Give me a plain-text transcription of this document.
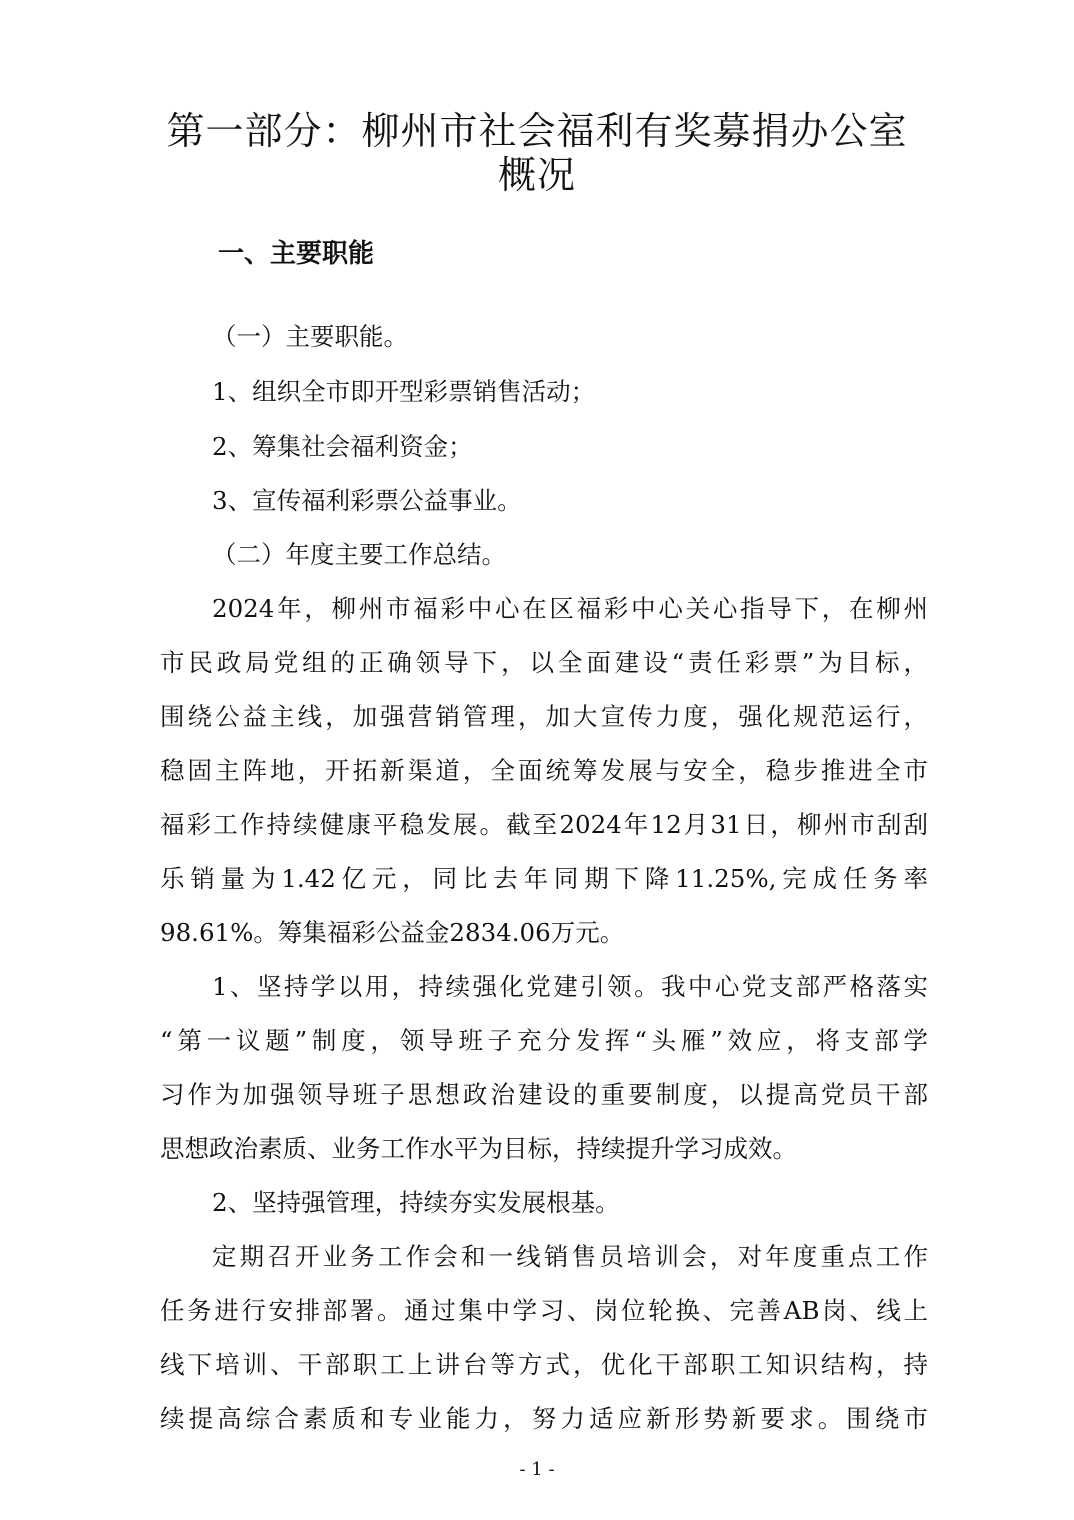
第一部分：柳州市社会福利有奖募捐办公室
概况
一、主要职能

（一）主要职能。

1、组织全市即开型彩票销售活动；

2、筹集社会福利资金；

3、宣传福利彩票公益事业。

（二）年度主要工作总结。

2024年，柳州市福彩中心在区福彩中心关心指导下，在柳州

市民政局党组的正确领导下，以全面建设“责任彩票”为目标，

围绕公益主线，加强营销管理，加大宣传力度，强化规范运行，

稳固主阵地，开拓新渠道，全面统筹发展与安全，稳步推进全市

福彩工作持续健康平稳发展。截至2024年12月31日，柳州市刮刮

乐销量为1.42亿元，同比去年同期下降11.25%,完成任务率

98.61%。筹集福彩公益金2834.06万元。

1、坚持学以用，持续强化党建引领。我中心党支部严格落实

“第一议题”制度，领导班子充分发挥“头雁”效应，将支部学

习作为加强领导班子思想政治建设的重要制度，以提高党员干部

思想政治素质、业务工作水平为目标，持续提升学习成效。

2、坚持强管理，持续夯实发展根基。

定期召开业务工作会和一线销售员培训会，对年度重点工作

任务进行安排部署。通过集中学习、岗位轮换、完善AB岗、线上

线下培训、干部职工上讲台等方式，优化干部职工知识结构，持

续提高综合素质和专业能力，努力适应新形势新要求。围绕市

- 1 -
